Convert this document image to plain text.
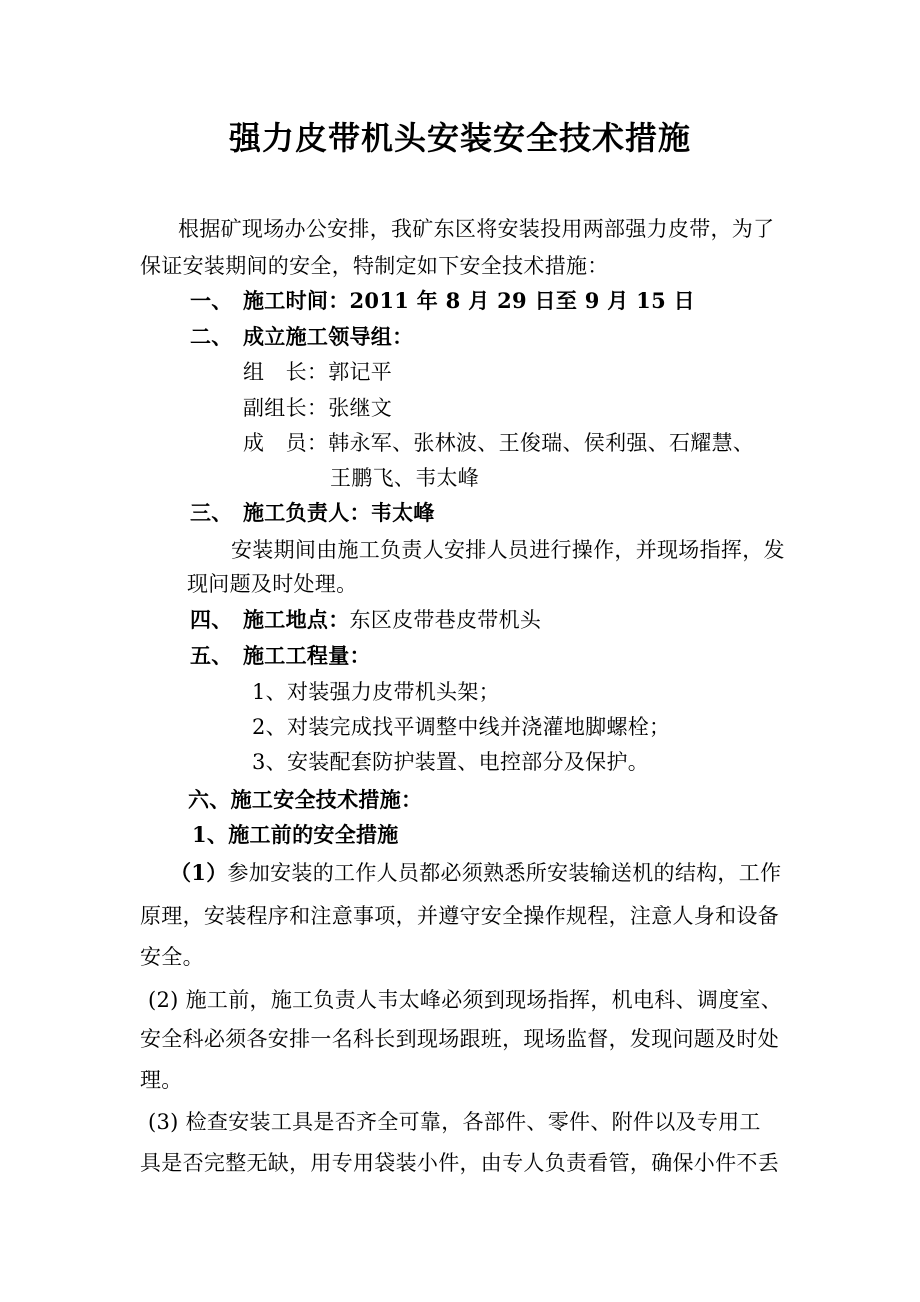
强力皮带机头安装安全技术措施
根据矿现场办公安排，我矿东区将安装投用两部强力皮带，为了
保证安装期间的安全，特制定如下安全技术措施：
一、 施工时间：2011 年 8 月 29 日至 9 月 15 日
二、 成立施工领导组：
组　长：郭记平
副组长：张继文
成　员：韩永军、张林波、王俊瑞、侯利强、石耀慧、
王鹏飞、韦太峰
三、 施工负责人：韦太峰
安装期间由施工负责人安排人员进行操作，并现场指挥，发
现问题及时处理。
四、 施工地点：东区皮带巷皮带机头
五、 施工工程量：
1、对装强力皮带机头架；
2、对装完成找平调整中线并浇灌地脚螺栓；
3、安装配套防护装置、电控部分及保护。
六、施工安全技术措施：
1、施工前的安全措施
（1）参加安装的工作人员都必须熟悉所安装输送机的结构，工作
原理，安装程序和注意事项，并遵守安全操作规程，注意人身和设备
安全。
(2) 施工前，施工负责人韦太峰必须到现场指挥，机电科、调度室、
安全科必须各安排一名科长到现场跟班，现场监督，发现问题及时处
理。
(3) 检查安装工具是否齐全可靠，各部件、零件、附件以及专用工
具是否完整无缺，用专用袋装小件，由专人负责看管，确保小件不丢
